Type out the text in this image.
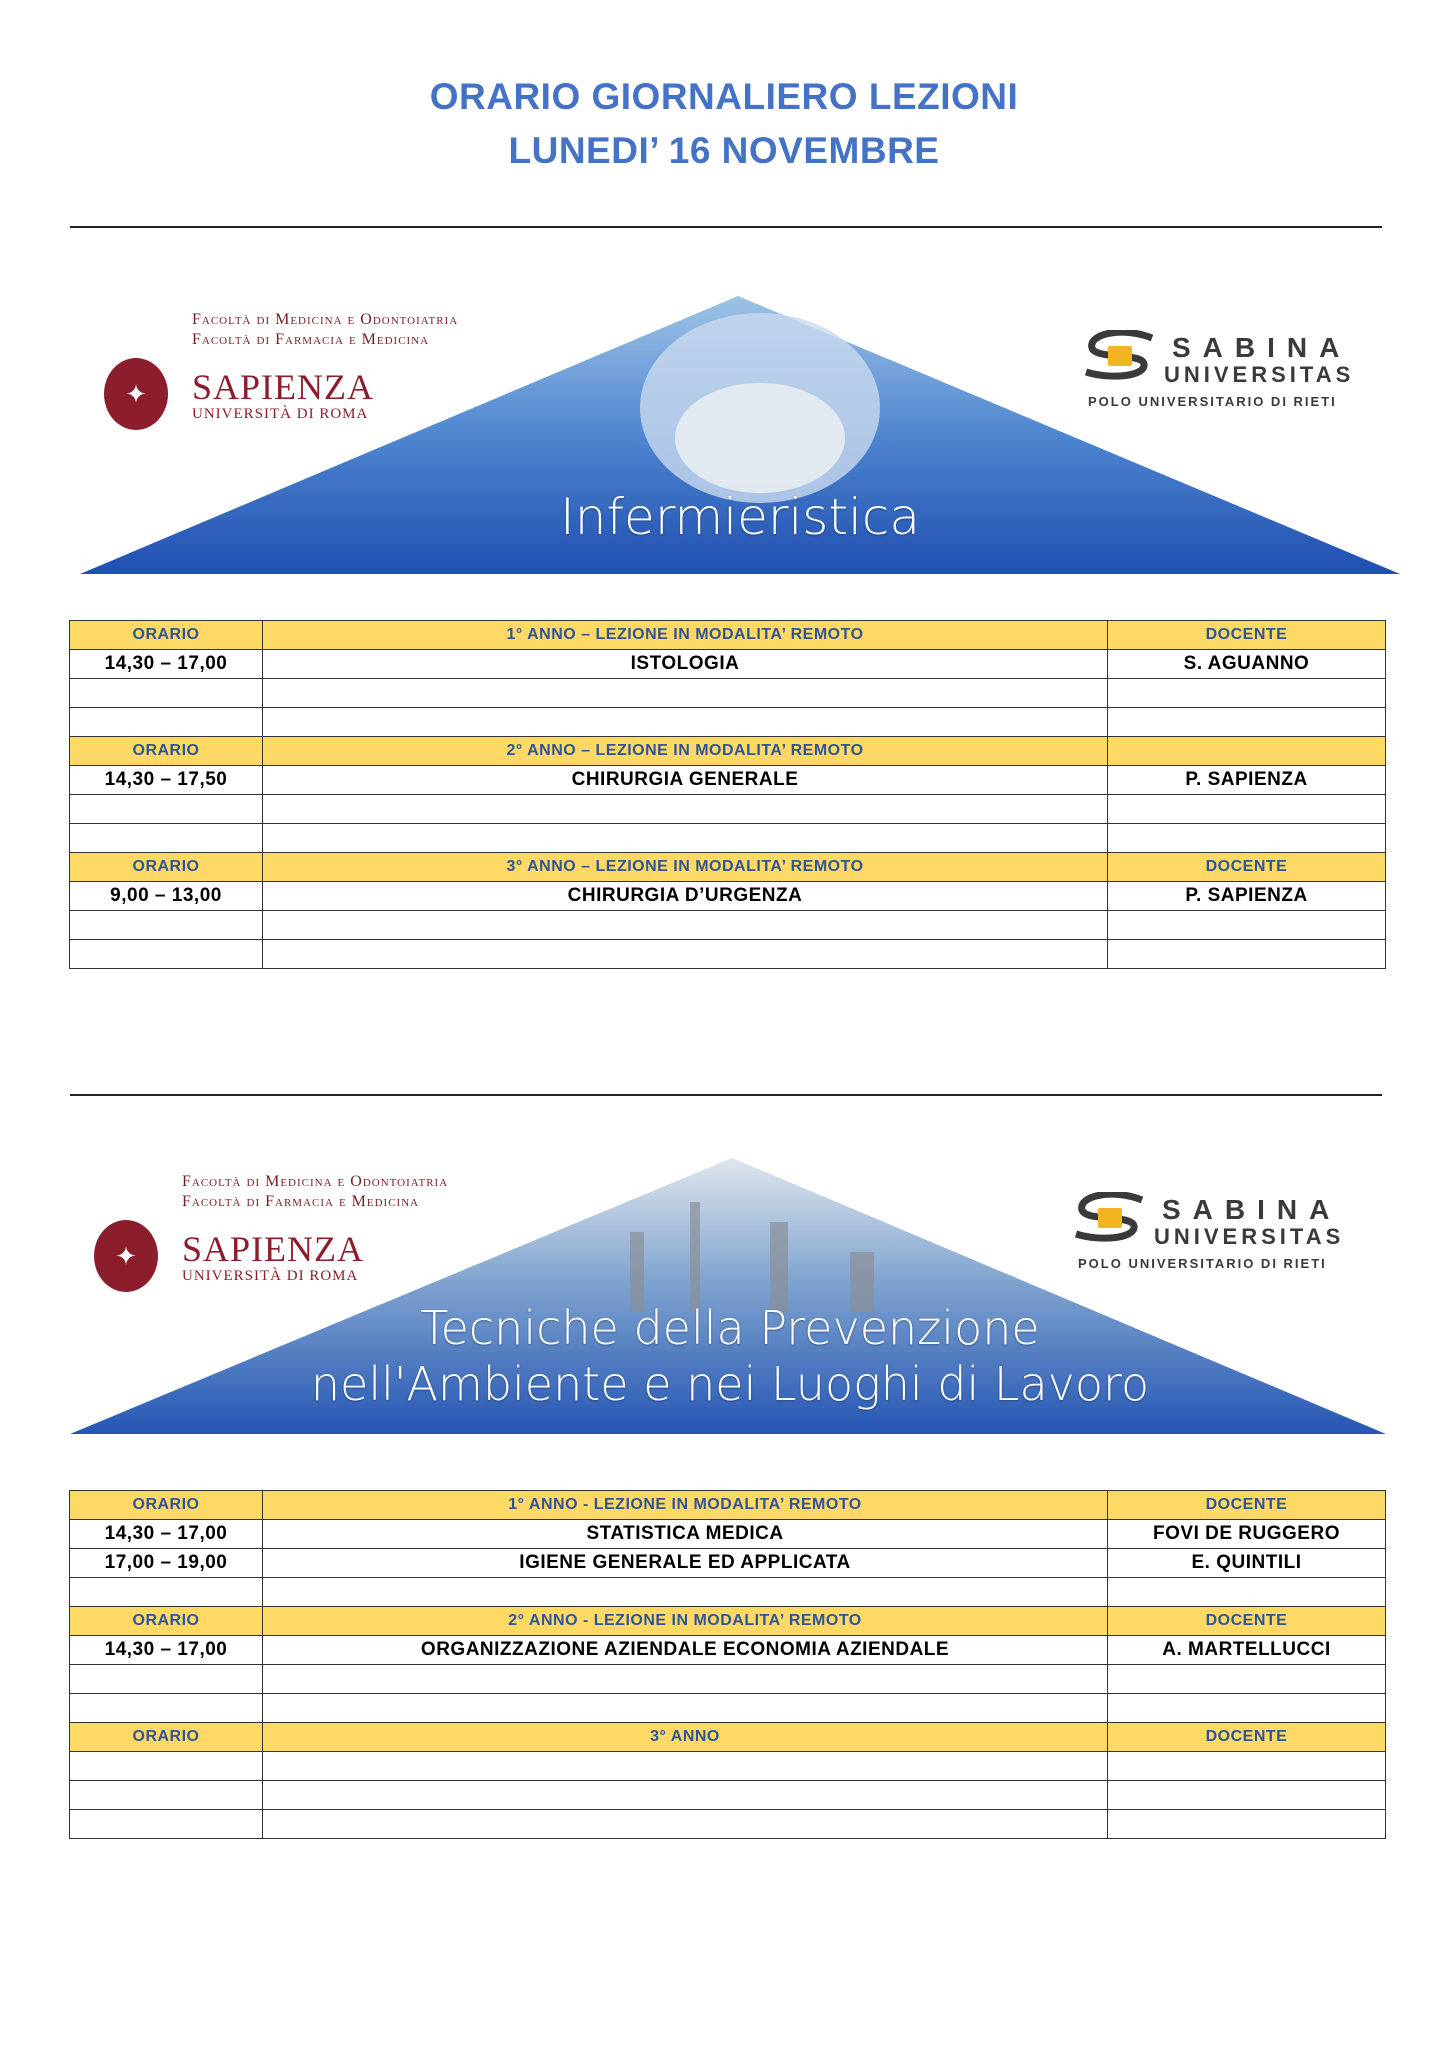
ORARIO GIORNALIERO LEZIONI
LUNEDI’ 16 NOVEMBRE
Facoltà di Medicina e Odontoiatria
Facoltà di Farmacia e Medicina
✦	SAPIENZA
UNIVERSITÀ DI ROMA
SABINA
UNIVERSITAS
POLO UNIVERSITARIO DI RIETI
Infermieristica
ORARIO	1° ANNO – LEZIONE IN MODALITA’ REMOTO	DOCENTE
14,30 – 17,00	ISTOLOGIA	S. AGUANNO

ORARIO	2° ANNO – LEZIONE IN MODALITA’ REMOTO	
14,30 – 17,50	CHIRURGIA GENERALE	P. SAPIENZA

ORARIO	3° ANNO – LEZIONE IN MODALITA’ REMOTO	DOCENTE
9,00 – 13,00	CHIRURGIA D’URGENZA	P. SAPIENZA

Facoltà di Medicina e Odontoiatria
Facoltà di Farmacia e Medicina
✦	SAPIENZA
UNIVERSITÀ DI ROMA
SABINA
UNIVERSITAS
POLO UNIVERSITARIO DI RIETI
Tecniche della Prevenzione
nell'Ambiente e nei Luoghi di Lavoro
ORARIO	1° ANNO - LEZIONE IN MODALITA’ REMOTO	DOCENTE
14,30 – 17,00	STATISTICA MEDICA	FOVI DE RUGGERO
17,00 – 19,00	IGIENE GENERALE ED APPLICATA	E. QUINTILI

ORARIO	2° ANNO - LEZIONE IN MODALITA’ REMOTO	DOCENTE
14,30 – 17,00	ORGANIZZAZIONE AZIENDALE ECONOMIA AZIENDALE	A. MARTELLUCCI

ORARIO	3° ANNO	DOCENTE
